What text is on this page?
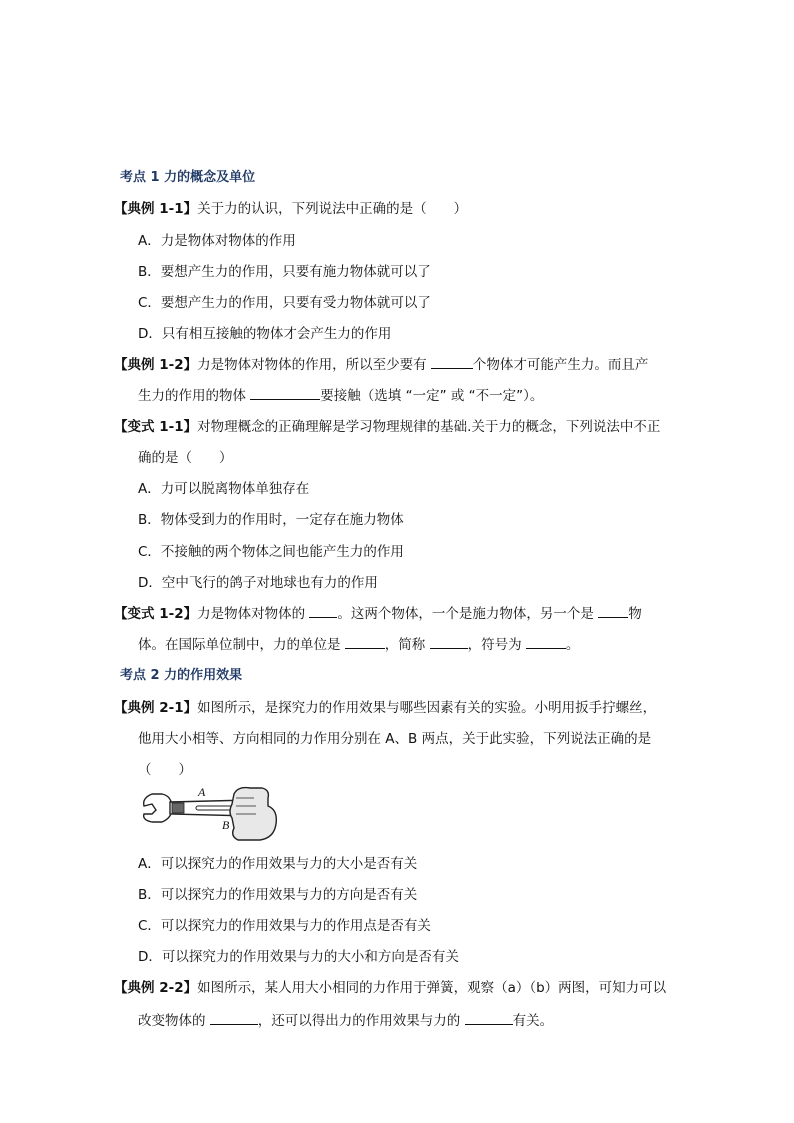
考点 1 力的概念及单位
【典例 1-1】关于力的认识，下列说法中正确的是（　　）
A．力是物体对物体的作用
B．要想产生力的作用，只要有施力物体就可以了
C．要想产生力的作用，只要有受力物体就可以了
D．只有相互接触的物体才会产生力的作用
【典例 1-2】力是物体对物体的作用，所以至少要有	个物体才可能产生力。而且产
生力的作用的物体	要接触（选填 “一定” 或 “不一定”）。
【变式 1-1】对物理概念的正确理解是学习物理规律的基础.关于力的概念，下列说法中不正
确的是（　　）
A．力可以脱离物体单独存在
B．物体受到力的作用时，一定存在施力物体
C．不接触的两个物体之间也能产生力的作用
D．空中飞行的鸽子对地球也有力的作用
【变式 1-2】力是物体对物体的 。这两个物体，一个是施力物体，另一个是 物
体。在国际单位制中，力的单位是	，简称	，符号为	。
考点 2 力的作用效果
【典例 2-1】如图所示，是探究力的作用效果与哪些因素有关的实验。小明用扳手拧螺丝，
他用大小相等、方向相同的力作用分别在 A、B 两点，关于此实验，下列说法正确的是
（　　）
A
B
A．可以探究力的作用效果与力的大小是否有关
B．可以探究力的作用效果与力的方向是否有关
C．可以探究力的作用效果与力的作用点是否有关
D．可以探究力的作用效果与力的大小和方向是否有关
【典例 2-2】如图所示，某人用大小相同的力作用于弹簧，观察（a）（b）两图，可知力可以
改变物体的	，还可以得出力的作用效果与力的	有关。
